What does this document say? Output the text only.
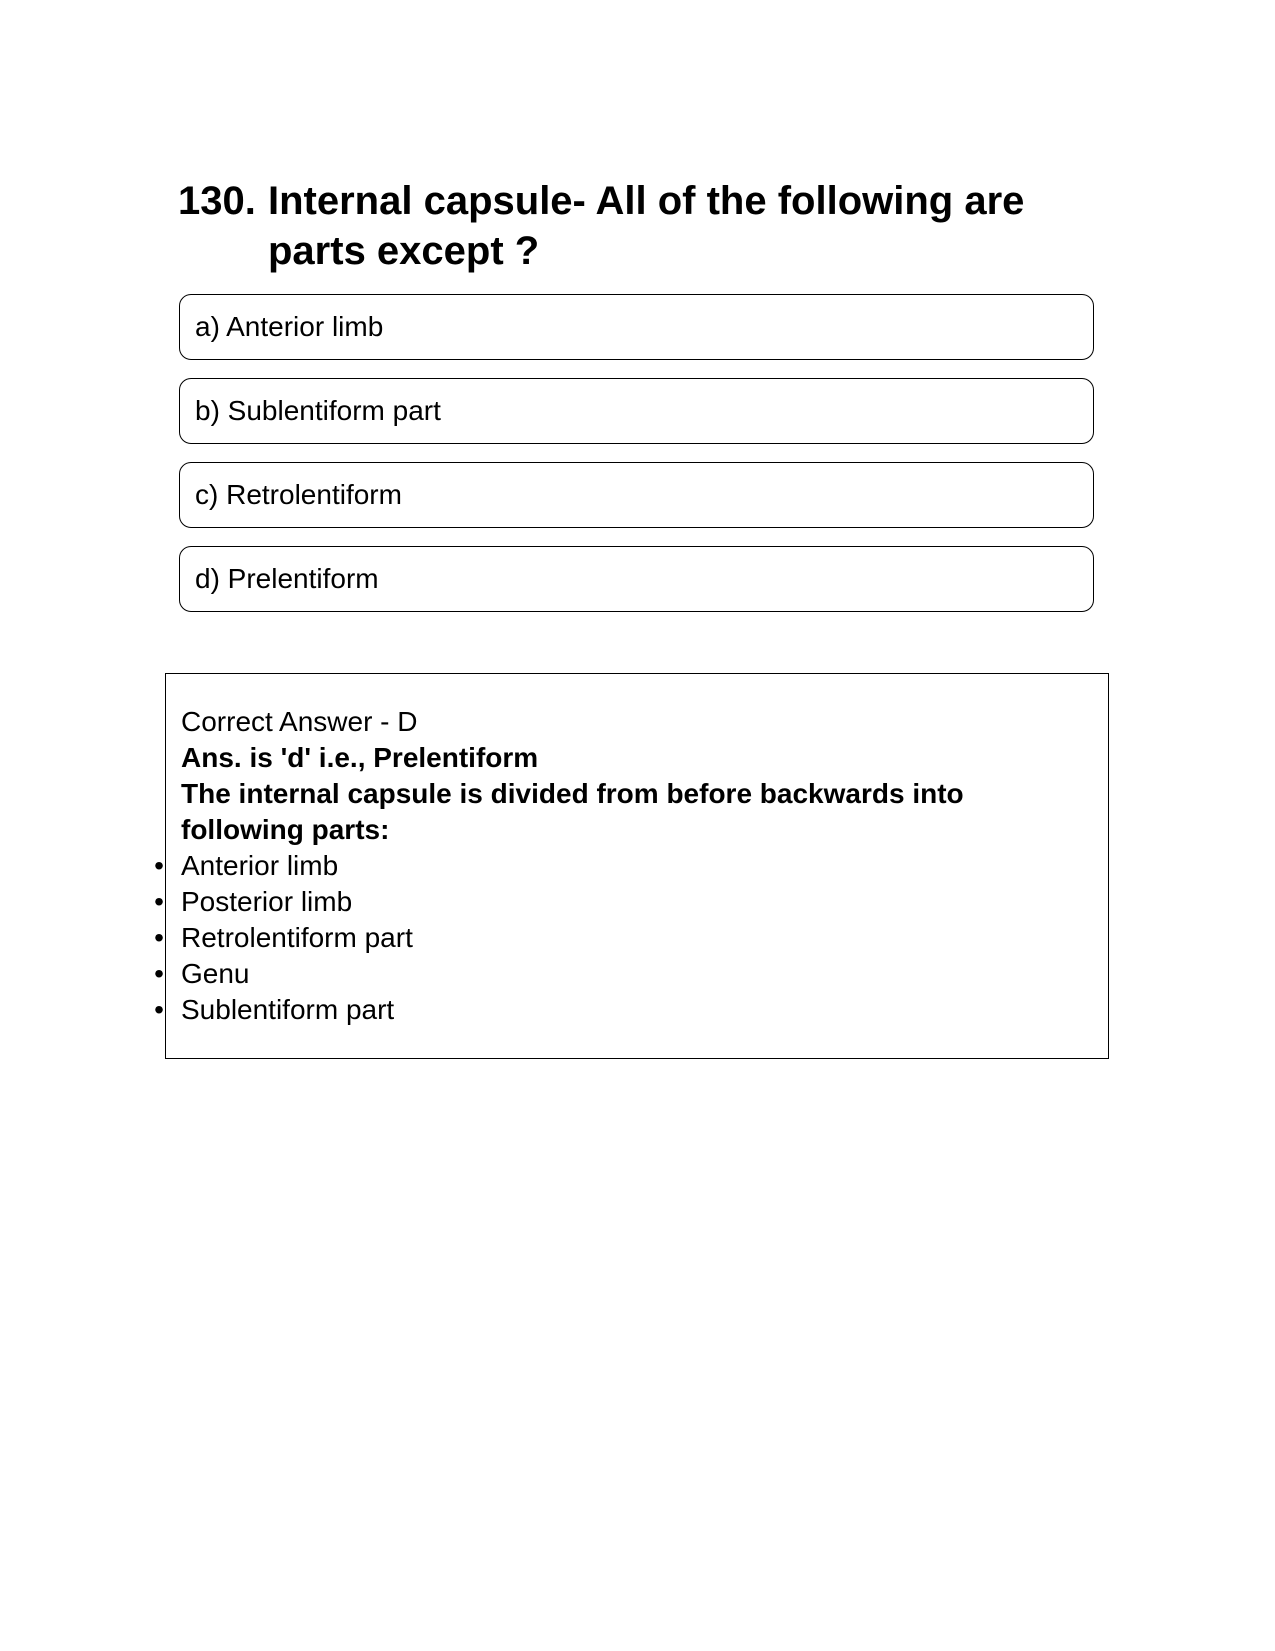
130. Internal capsule- All of the following are parts except ?
a) Anterior limb
b) Sublentiform part
c) Retrolentiform
d) Prelentiform
Correct Answer - D
Ans. is 'd' i.e., Prelentiform
The internal capsule is divided from before backwards into following parts:
• Anterior limb
• Posterior limb
• Retrolentiform part
• Genu
• Sublentiform part
